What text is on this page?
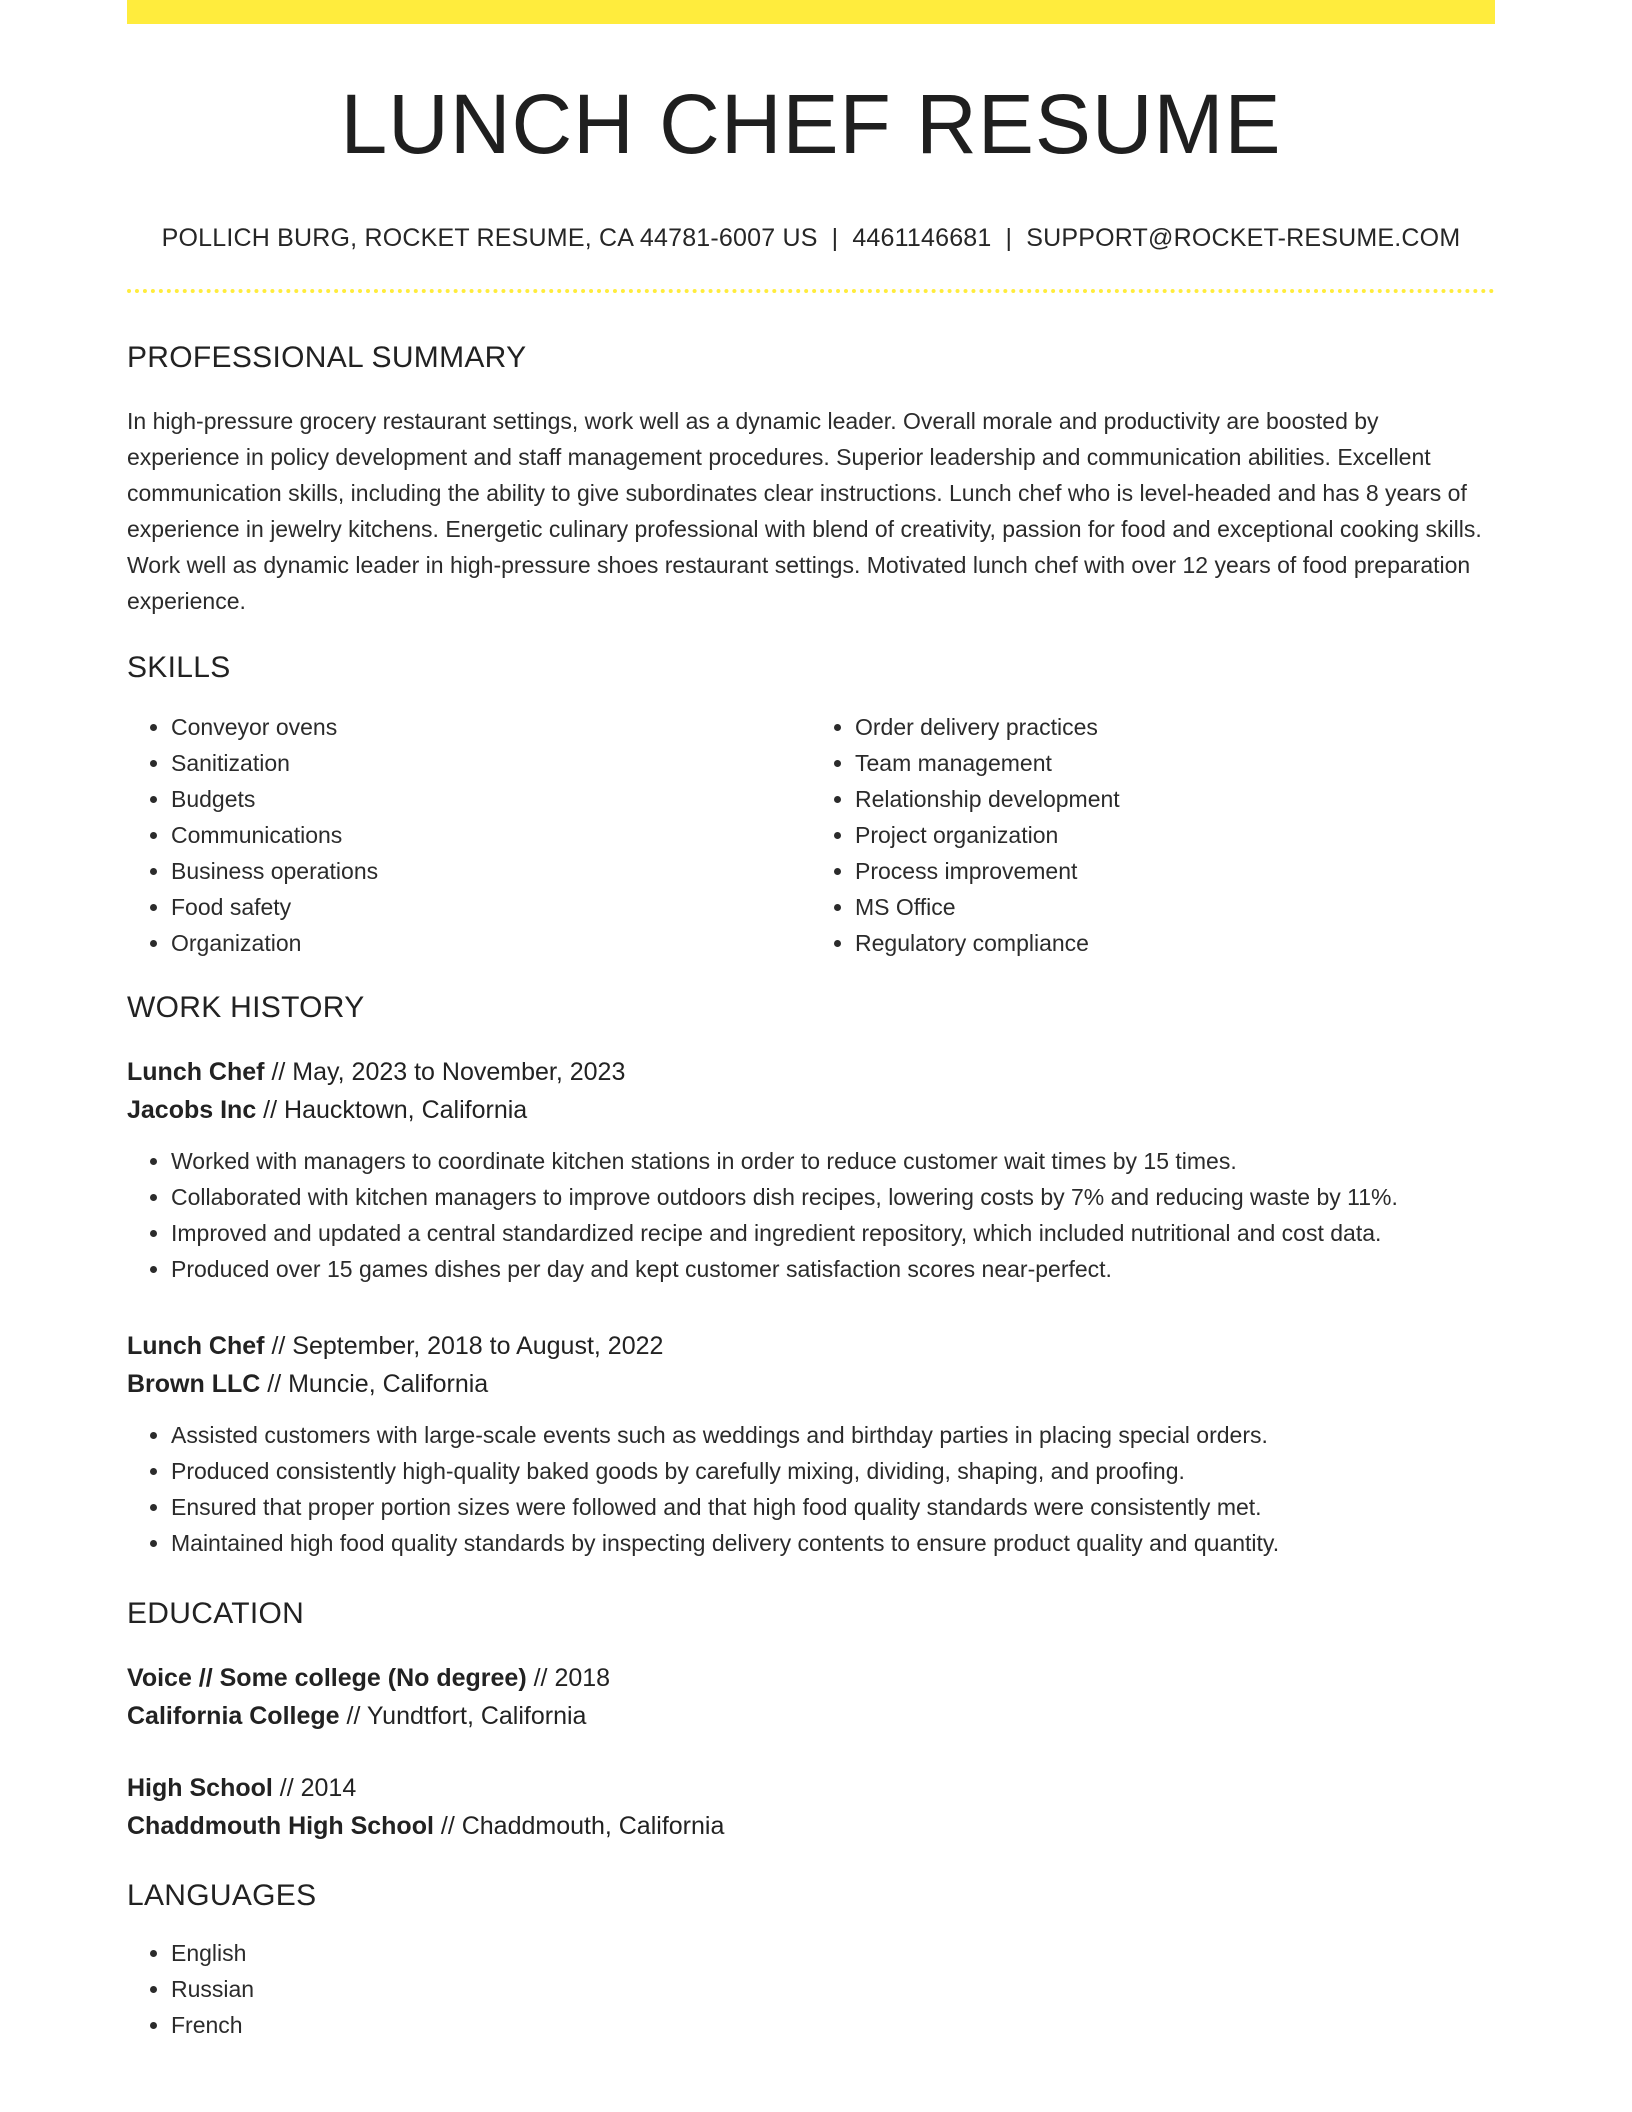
LUNCH CHEF RESUME
POLLICH BURG, ROCKET RESUME, CA 44781-6007 US | 4461146681 | SUPPORT@ROCKET-RESUME.COM
PROFESSIONAL SUMMARY

In high-pressure grocery restaurant settings, work well as a dynamic leader. Overall morale and productivity are boosted by experience in policy development and staff management procedures. Superior leadership and communication abilities. Excellent communication skills, including the ability to give subordinates clear instructions. Lunch chef who is level-headed and has 8 years of experience in jewelry kitchens. Energetic culinary professional with blend of creativity, passion for food and exceptional cooking skills. Work well as dynamic leader in high-pressure shoes restaurant settings. Motivated lunch chef with over 12 years of food preparation experience.

SKILLS
• Conveyor ovens
• Sanitization
• Budgets
• Communications
• Business operations
• Food safety
• Organization
• Order delivery practices
• Team management
• Relationship development
• Project organization
• Process improvement
• MS Office
• Regulatory compliance
WORK HISTORY
Lunch Chef // May, 2023 to November, 2023
Jacobs Inc // Haucktown, California
• Worked with managers to coordinate kitchen stations in order to reduce customer wait times by 15 times.
• Collaborated with kitchen managers to improve outdoors dish recipes, lowering costs by 7% and reducing waste by 11%.
• Improved and updated a central standardized recipe and ingredient repository, which included nutritional and cost data.
• Produced over 15 games dishes per day and kept customer satisfaction scores near-perfect.
Lunch Chef // September, 2018 to August, 2022
Brown LLC // Muncie, California
• Assisted customers with large-scale events such as weddings and birthday parties in placing special orders.
• Produced consistently high-quality baked goods by carefully mixing, dividing, shaping, and proofing.
• Ensured that proper portion sizes were followed and that high food quality standards were consistently met.
• Maintained high food quality standards by inspecting delivery contents to ensure product quality and quantity.
EDUCATION
Voice // Some college (No degree) // 2018
California College // Yundtfort, California
High School // 2014
Chaddmouth High School // Chaddmouth, California
LANGUAGES
• English
• Russian
• French
